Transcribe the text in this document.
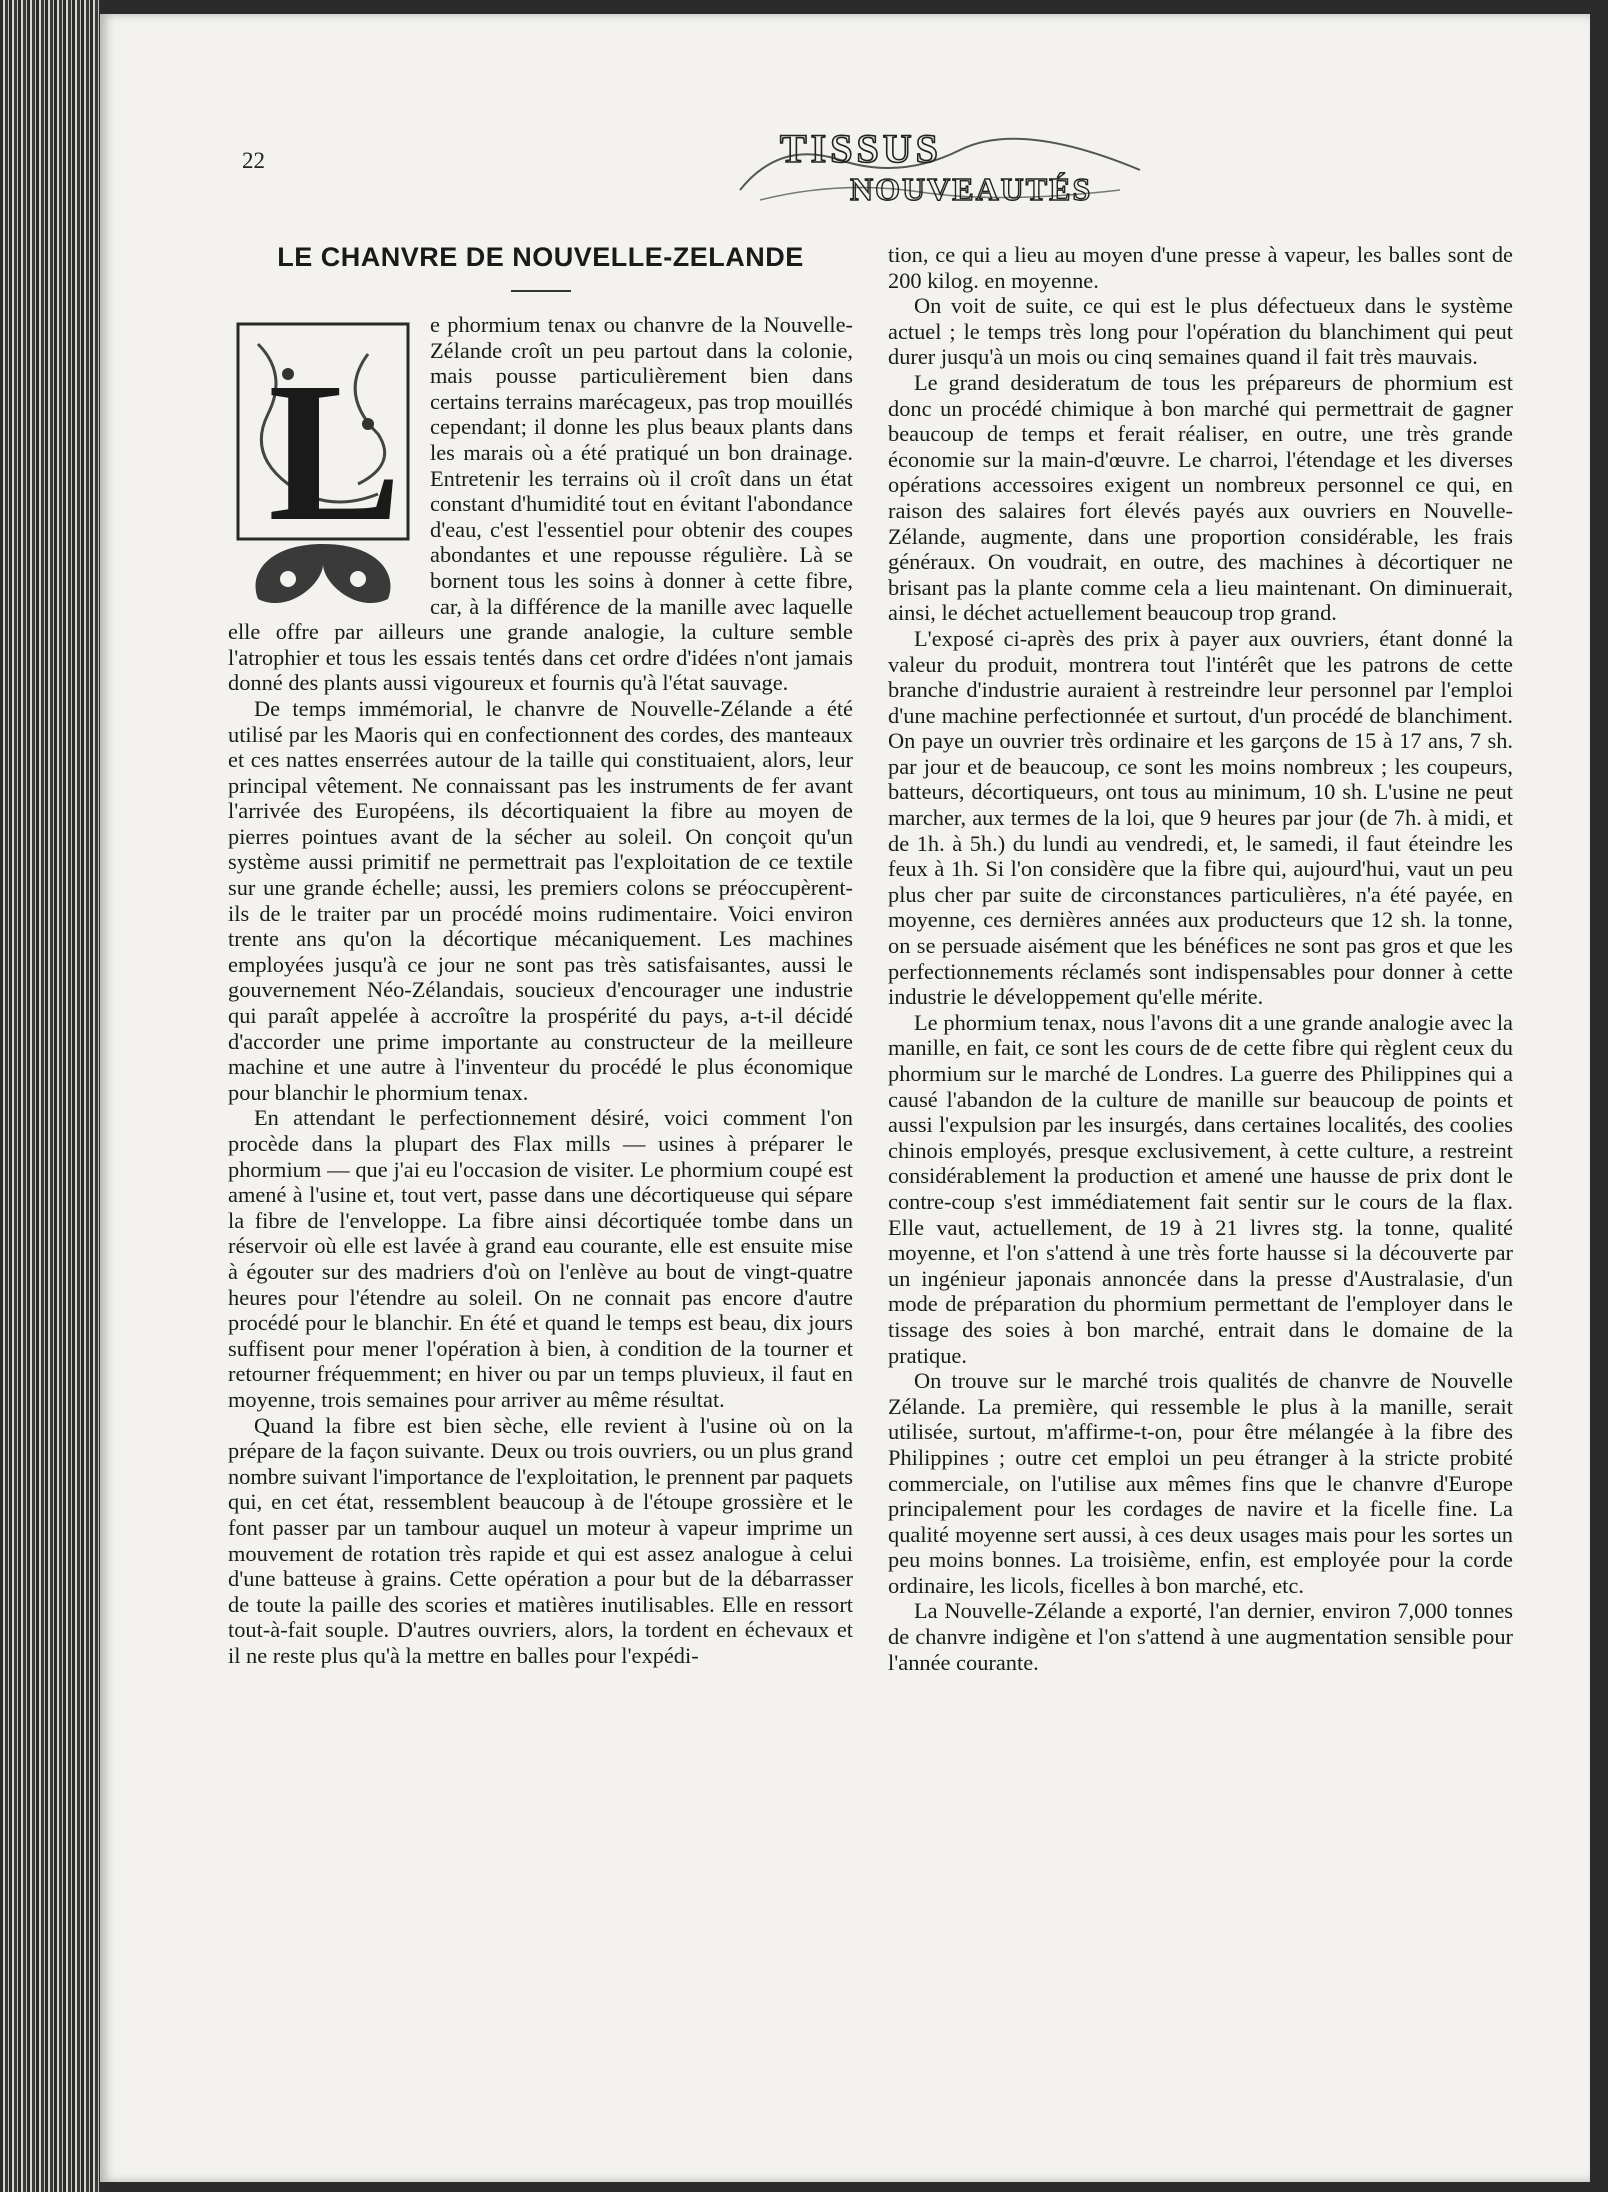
22	TISSUS
NOUVEAUTÉS
LE CHANVRE DE NOUVELLE-ZELANDE
L

e phormium tenax ou chanvre de la Nouvelle-Zélande croît un peu partout dans la colonie, mais pousse particulièrement bien dans certains terrains marécageux, pas trop mouillés cependant; il donne les plus beaux plants dans les marais où a été pratiqué un bon drainage. Entretenir les terrains où il croît dans un état constant d'humidité tout en évitant l'abondance d'eau, c'est l'essentiel pour obtenir des coupes abondantes et une repousse régulière. Là se bornent tous les soins à donner à cette fibre, car, à la différence de la manille avec laquelle elle offre par ailleurs une grande analogie, la culture semble l'atrophier et tous les essais tentés dans cet ordre d'idées n'ont jamais donné des plants aussi vigoureux et fournis qu'à l'état sauvage.

De temps immémorial, le chanvre de Nouvelle-Zélande a été utilisé par les Maoris qui en confectionnent des cordes, des manteaux et ces nattes enserrées autour de la taille qui constituaient, alors, leur principal vêtement. Ne connaissant pas les instruments de fer avant l'arrivée des Européens, ils décortiquaient la fibre au moyen de pierres pointues avant de la sécher au soleil. On conçoit qu'un système aussi primitif ne permettrait pas l'exploitation de ce textile sur une grande échelle; aussi, les premiers colons se préoccupèrent-ils de le traiter par un procédé moins rudimentaire. Voici environ trente ans qu'on la décortique mécaniquement. Les machines employées jusqu'à ce jour ne sont pas très satisfaisantes, aussi le gouvernement Néo-Zélandais, soucieux d'encourager une industrie qui paraît appelée à accroître la prospérité du pays, a-t-il décidé d'accorder une prime importante au constructeur de la meilleure machine et une autre à l'inventeur du procédé le plus économique pour blanchir le phormium tenax.

En attendant le perfectionnement désiré, voici comment l'on procède dans la plupart des Flax mills — usines à préparer le phormium — que j'ai eu l'occasion de visiter. Le phormium coupé est amené à l'usine et, tout vert, passe dans une décortiqueuse qui sépare la fibre de l'enveloppe. La fibre ainsi décortiquée tombe dans un réservoir où elle est lavée à grand eau courante, elle est ensuite mise à égouter sur des madriers d'où on l'enlève au bout de vingt-quatre heures pour l'étendre au soleil. On ne connait pas encore d'autre procédé pour le blanchir. En été et quand le temps est beau, dix jours suffisent pour mener l'opération à bien, à condition de la tourner et retourner fréquemment; en hiver ou par un temps pluvieux, il faut en moyenne, trois semaines pour arriver au même résultat.

Quand la fibre est bien sèche, elle revient à l'usine où on la prépare de la façon suivante. Deux ou trois ouvriers, ou un plus grand nombre suivant l'importance de l'exploitation, le prennent par paquets qui, en cet état, ressemblent beaucoup à de l'étoupe grossière et le font passer par un tambour auquel un moteur à vapeur imprime un mouvement de rotation très rapide et qui est assez analogue à celui d'une batteuse à grains. Cette opération a pour but de la débarrasser de toute la paille des scories et matières inutilisables. Elle en ressort tout-à-fait souple. D'autres ouvriers, alors, la tordent en échevaux et il ne reste plus qu'à la mettre en balles pour l'expédi-

tion, ce qui a lieu au moyen d'une presse à vapeur, les balles sont de 200 kilog. en moyenne.

On voit de suite, ce qui est le plus défectueux dans le système actuel ; le temps très long pour l'opération du blanchiment qui peut durer jusqu'à un mois ou cinq semaines quand il fait très mauvais.

Le grand desideratum de tous les prépareurs de phormium est donc un procédé chimique à bon marché qui permettrait de gagner beaucoup de temps et ferait réaliser, en outre, une très grande économie sur la main-d'œuvre. Le charroi, l'étendage et les diverses opérations accessoires exigent un nombreux personnel ce qui, en raison des salaires fort élevés payés aux ouvriers en Nouvelle-Zélande, augmente, dans une proportion considérable, les frais généraux. On voudrait, en outre, des machines à décortiquer ne brisant pas la plante comme cela a lieu maintenant. On diminuerait, ainsi, le déchet actuellement beaucoup trop grand.

L'exposé ci-après des prix à payer aux ouvriers, étant donné la valeur du produit, montrera tout l'intérêt que les patrons de cette branche d'industrie auraient à restreindre leur personnel par l'emploi d'une machine perfectionnée et surtout, d'un procédé de blanchiment. On paye un ouvrier très ordinaire et les garçons de 15 à 17 ans, 7 sh. par jour et de beaucoup, ce sont les moins nombreux ; les coupeurs, batteurs, décortiqueurs, ont tous au minimum, 10 sh. L'usine ne peut marcher, aux termes de la loi, que 9 heures par jour (de 7h. à midi, et de 1h. à 5h.) du lundi au vendredi, et, le samedi, il faut éteindre les feux à 1h. Si l'on considère que la fibre qui, aujourd'hui, vaut un peu plus cher par suite de circonstances particulières, n'a été payée, en moyenne, ces dernières années aux producteurs que 12 sh. la tonne, on se persuade aisément que les bénéfices ne sont pas gros et que les perfectionnements réclamés sont indispensables pour donner à cette industrie le développement qu'elle mérite.

Le phormium tenax, nous l'avons dit a une grande analogie avec la manille, en fait, ce sont les cours de de cette fibre qui règlent ceux du phormium sur le marché de Londres. La guerre des Philippines qui a causé l'abandon de la culture de manille sur beaucoup de points et aussi l'expulsion par les insurgés, dans certaines localités, des coolies chinois employés, presque exclusivement, à cette culture, a restreint considérablement la production et amené une hausse de prix dont le contre-coup s'est immédiatement fait sentir sur le cours de la flax. Elle vaut, actuellement, de 19 à 21 livres stg. la tonne, qualité moyenne, et l'on s'attend à une très forte hausse si la découverte par un ingénieur japonais annoncée dans la presse d'Australasie, d'un mode de préparation du phormium permettant de l'employer dans le tissage des soies à bon marché, entrait dans le domaine de la pratique.

On trouve sur le marché trois qualités de chanvre de Nouvelle Zélande. La première, qui ressemble le plus à la manille, serait utilisée, surtout, m'affirme-t-on, pour être mélangée à la fibre des Philippines ; outre cet emploi un peu étranger à la stricte probité commerciale, on l'utilise aux mêmes fins que le chanvre d'Europe principalement pour les cordages de navire et la ficelle fine. La qualité moyenne sert aussi, à ces deux usages mais pour les sortes un peu moins bonnes. La troisième, enfin, est employée pour la corde ordinaire, les licols, ficelles à bon marché, etc.

La Nouvelle-Zélande a exporté, l'an dernier, environ 7,000 tonnes de chanvre indigène et l'on s'attend à une augmentation sensible pour l'année courante.
